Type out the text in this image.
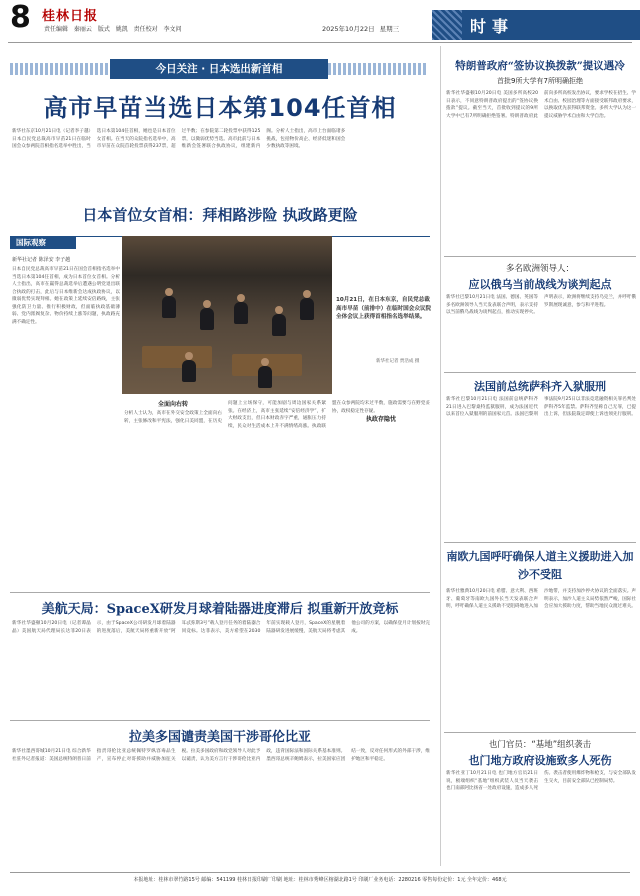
8 桂林日报
责任编辑 秦丽云 版式 姚凯 责任校对 李文问	2025年10月22日 星期三	时事
今日关注 · 日本选出新首相
高市早苗当选日本第104任首相
新华社东京10月21日电（记者李子越）日本自民党总裁高市早苗21日在临时国会众参两院首相指名选举中胜出，当选日本第104任首相，她也是日本首位女首相。在当天的众院指名选举中，高市早苗在众院首轮投票获得237票，超过半数；在参院第二轮投票中获得125票，以微弱优势当选。高市此前与日本维新会签署联合执政协议，组建新内阁。分析人士指出，高市上台面临诸多挑战，包括物价高企、经济低迷和国会少数执政等困境。
日本首位女首相：拜相路涉险 执政路更险
国际观察
新华社记者 陈泽安 李子越
日本自民党总裁高市早苗21日在国会首相指名选举中当选日本第104任首相，成为日本首位女首相。分析人士指出，高市在赢得总裁选举后遭遇公明党退出联合执政的打击，此后与日本维新会达成执政协议，以微弱优势实现拜相。她在政策上延续安倍路线，主张强化防卫力量、推行积极财政，但面临执政基础薄弱、党内派阀复杂、物价持续上涨等问题，执政路充满不确定性。
10月21日，在日本东京，自民党总裁高市早苗（前排中）在临时国会众议院全体会议上获得首相指名选举结果。
新华社记者 贾浩成 摄
全面向右转
分析人士认为，高市在外交安全政策上全面向右转，主张修改和平宪法，强化日美同盟，在历史问题上立场保守，可能加剧与周边国家关系紧张。在经济上，高市主张延续“安倍经济学”，扩大财政支出，但日本财政赤字严重，通胀压力持续，民众对生活成本上升不满情绪高涨。执政联盟在众参两院均未过半数，施政需要与在野党妥协，政权稳定性存疑。
执政存隐忧
美航天局：SpaceX研发月球着陆器进度滞后 拟重新开放竞标
新华社华盛顿10月20日电（记者谭晶晶）美国航天局代理局长达菲20日表示，由于SpaceX公司研发月球着陆器的进度落后，美航天局将重新开放“阿耳忒弥斯3号”载人登月任务的着陆器合同竞标。达菲表示，美方希望在2030年前实现载人登月，SpaceX的星舰着陆器研发进展缓慢，美航天局将考虑其他公司的方案，以确保登月计划按时完成。
拉美多国谴责美国干涉哥伦比亚
新华社墨西哥城10月21日电 综合新华社驻外记者报道：美国总统特朗普日前指责哥伦比亚总统佩特罗纵容毒品生产，宣布停止对哥援助并威胁加征关税。拉美多国政府和政党领导人对此予以谴责，认为美方言行干涉哥伦比亚内政，违背国际法和国际关系基本准则。墨西哥总统辛鲍姆表示，拉美国家应团结一致，反对任何形式的外部干涉，维护地区和平稳定。
特朗普政府“签协议换拨款”提议遇冷
首批9所大学有7所明确拒绝
新华社华盛顿10月20日电 美国多所高校20日表示，不同意特朗普政府提出的“签协议换拨款”提议。截至当天，首批收到提议的9所大学中已有7所明确拒绝签署。特朗普政府此前向多所高校发出协议，要求学校在招生、学术自由、校园治理等方面接受联邦政府要求，以换取优先获得联邦资金。多所大学认为这一提议威胁学术自由和大学自治。
多名欧洲领导人：
应以俄乌当前战线为谈判起点
新华社巴黎10月21日电 法国、德国、英国等多名欧洲领导人当天发表联合声明，表示支持以当前俄乌战线为谈判起点，推动实现停火。声明表示，欧洲将继续支持乌克兰，并呼吁俄罗斯展现诚意，参与和平进程。
法国前总统萨科齐入狱服刑
新华社巴黎10月21日电 法国前总统萨科齐21日进入巴黎桑特监狱服刑，成为法国近代以来首位入狱服刑的前国家元首。法国巴黎刑事法院9月25日以非法竞选融资相关罪名判处萨科齐5年监禁。萨科齐坚称自己无罪，已提出上诉，但法院裁定即使上诉也须先行服刑。
南欧九国呼吁确保人道主义援助进入加沙不受阻
新华社雅典10月20日电 希腊、意大利、西班牙、葡萄牙等南欧九国外长当天发表联合声明，呼吁确保人道主义援助不受阻碍地进入加沙地带，并支持加沙停火协议的全面落实。声明表示，加沙人道主义局势依然严峻，国际社会应加大援助力度，帮助当地民众渡过难关。
也门官员：“基地”组织袭击
也门地方政府设施致多人死伤
新华社亚丁10月21日电 也门地方官员21日说，极端组织“基地”组织武装人员当天袭击也门南部阿比扬省一处政府设施，造成多人死伤。袭击者使用爆炸物和枪支，与安全部队发生交火，目前安全部队已控制局势。
本报地址：桂林市翠竹路15号 邮编：541199 桂林日报印刷厂印刷 地址：桂林市秀峰区榕湖北路1号 印刷厂业务电话：2280216 零售每份定价：1元 全年定价：468元
